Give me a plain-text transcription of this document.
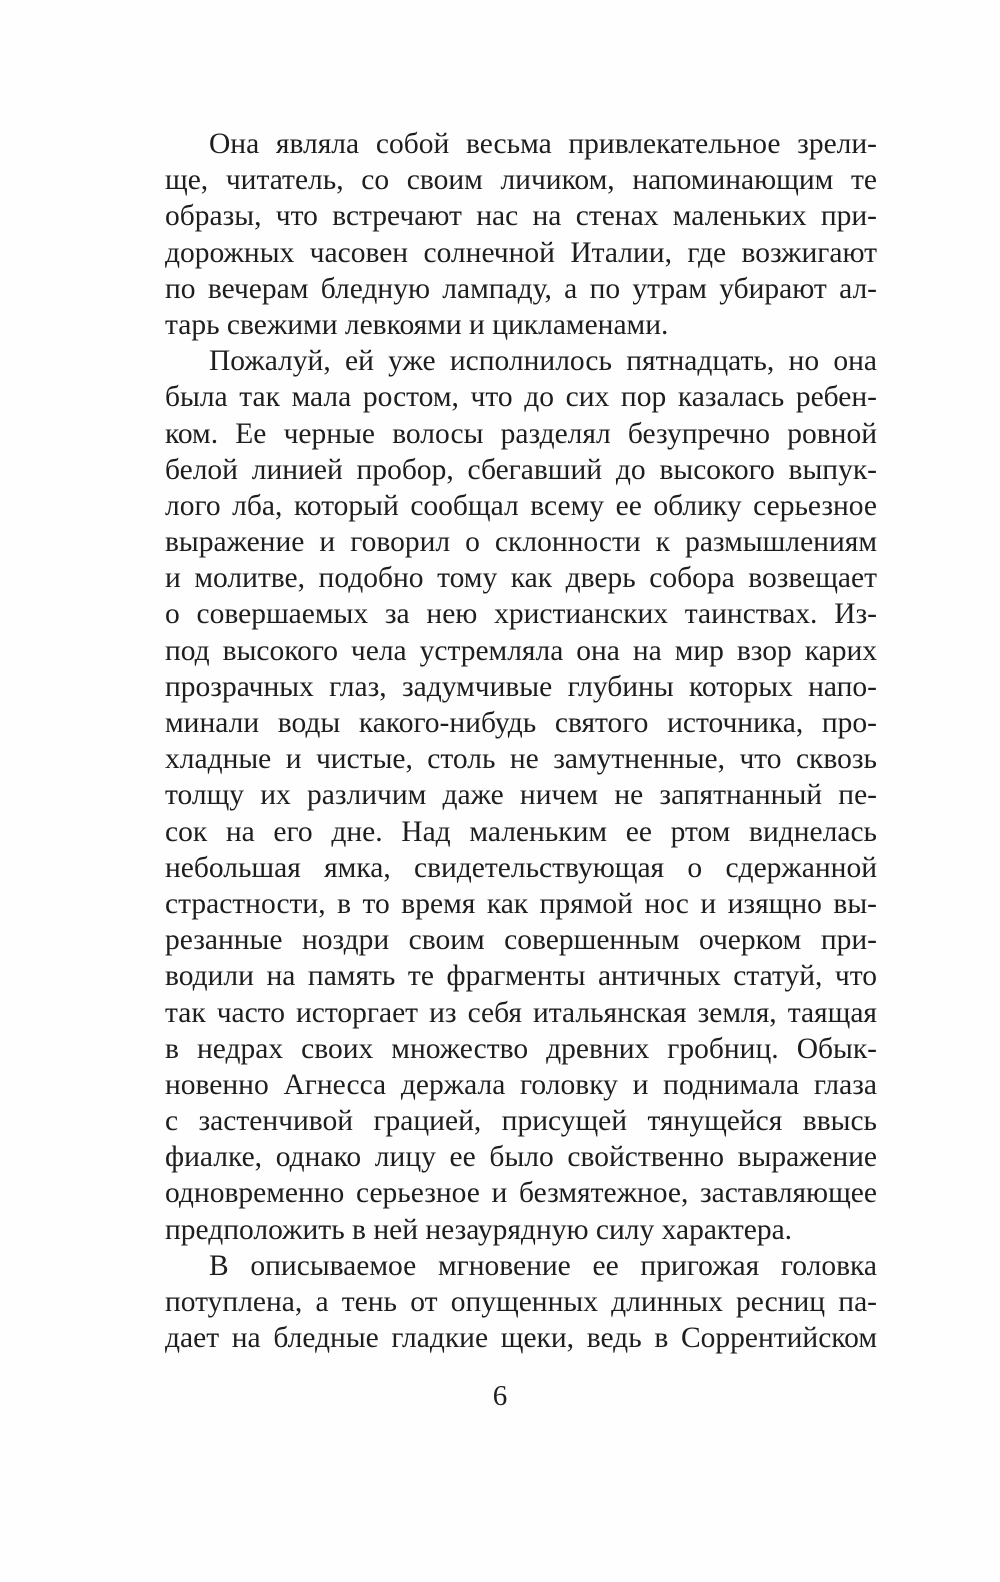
Она являла собой весьма привлекательное зрели-
ще, читатель, со своим личиком, напоминающим те
образы, что встречают нас на стенах маленьких при-
дорожных часовен солнечной Италии, где возжигают
по вечерам бледную лампаду, а по утрам убирают ал-
тарь свежими левкоями и цикламенами.
Пожалуй, ей уже исполнилось пятнадцать, но она
была так мала ростом, что до сих пор казалась ребен-
ком. Ее черные волосы разделял безупречно ровной
белой линией пробор, сбегавший до высокого выпук-
лого лба, который сообщал всему ее облику серьезное
выражение и говорил о склонности к размышлениям
и молитве, подобно тому как дверь собора возвещает
о совершаемых за нею христианских таинствах. Из-
под высокого чела устремляла она на мир взор карих
прозрачных глаз, задумчивые глубины которых напо-
минали воды какого-нибудь святого источника, про-
хладные и чистые, столь не замутненные, что сквозь
толщу их различим даже ничем не запятнанный пе-
сок на его дне. Над маленьким ее ртом виднелась
небольшая ямка, свидетельствующая о сдержанной
страстности, в то время как прямой нос и изящно вы-
резанные ноздри своим совершенным очерком при-
водили на память те фрагменты античных статуй, что
так часто исторгает из себя итальянская земля, таящая
в недрах своих множество древних гробниц. Обык-
новенно Агнесса держала головку и поднимала глаза
с застенчивой грацией, присущей тянущейся ввысь
фиалке, однако лицу ее было свойственно выражение
одновременно серьезное и безмятежное, заставляющее
предположить в ней незаурядную силу характера.
В описываемое мгновение ее пригожая головка
потуплена, а тень от опущенных длинных ресниц па-
дает на бледные гладкие щеки, ведь в Соррентийском
6
